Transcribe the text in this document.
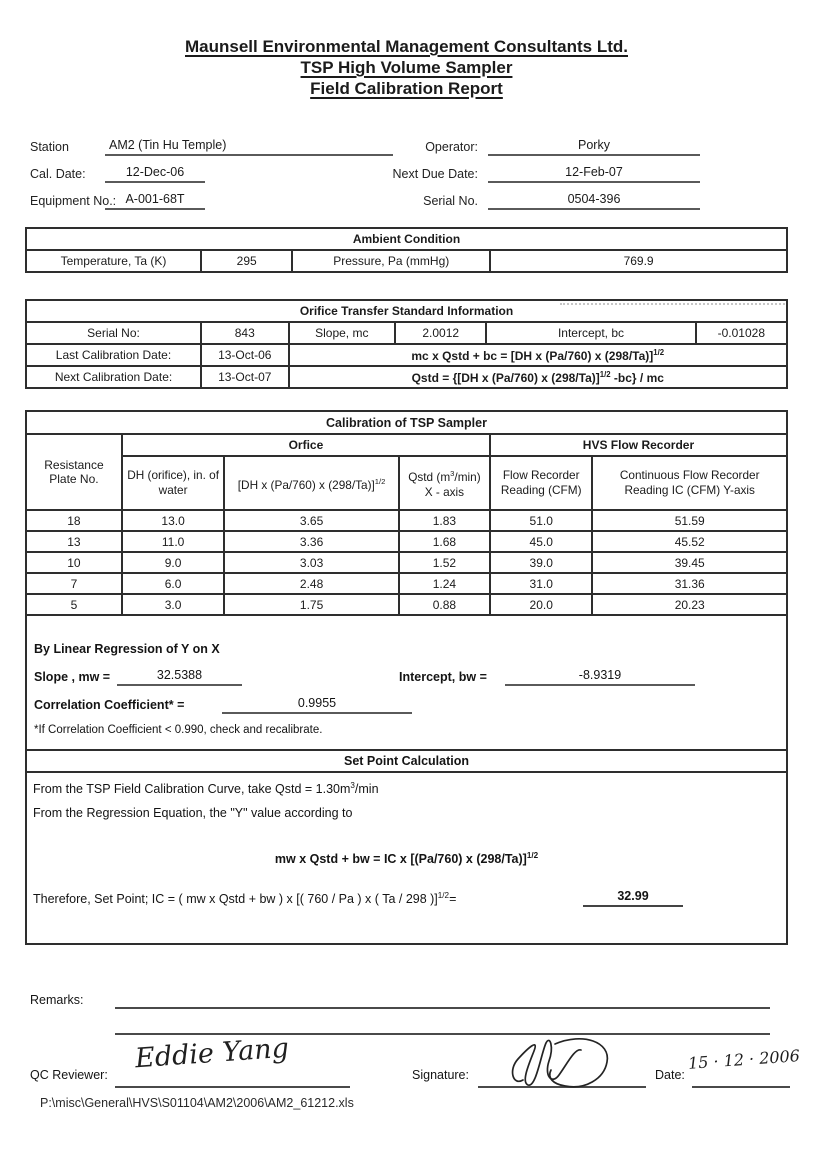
Maunsell Environmental Management Consultants Ltd.
TSP High Volume Sampler
Field Calibration Report
Station	AM2 (Tin Hu Temple)	Operator:	Porky
Cal. Date:	12-Dec-06	Next Due Date:	12-Feb-07
Equipment No.: A-001-68T	Serial No.	0504-396
Ambient Condition
Temperature, Ta (K)	295	Pressure, Pa (mmHg)	769.9
Orifice Transfer Standard Information					
Serial No:	843	Slope, mc	2.0012	Intercept, bc	-0.01028
Last Calibration Date:	13-Oct-06	mc x Qstd + bc = [DH x (Pa/760) x (298/Ta)]$^{1/2}$
Next Calibration Date:	13-Oct-07	Qstd = {[DH x (Pa/760) x (298/Ta)]$^{1/2}$ -bc} / mc			
Calibration of TSP Sampler					
Resistance Plate No.	Orfice			HVS Flow Recorder	
	DH (orifice), in. of water	[DH x (Pa/760) x (298/Ta)]$^{1/2}$	Qstd $(m^3/\min)$ X - axis	Flow Recorder Reading (CFM)	Continuous Flow Recorder Reading IC (CFM) Y-axis
18	13.0	3.65	1.83	51.0	51.59
13	11.0	3.36	1.68	45.0	45.52
10	9.0	3.03	1.52	39.0	39.45
7	6.0	2.48	1.24	31.0	31.36
5	3.0	1.75	0.88	20.0	20.23
By Linear Regression of Y on X
Slope , mw =	32.5388	Intercept, bw =	-8.9319
Correlation Coefficient* =	0.9955
*If Correlation Coefficient < 0.990, check and recalibrate.
Set Point Calculation
From the TSP Field Calibration Curve, take Qstd = $1.30m^3/\min$
From the Regression Equation, the "Y" value according to
mw x Qstd + bw = IC x [(Pa/760) x (298/Ta)]$^{1/2}$
Therefore, Set Point; IC = ( mw x Qstd + bw ) x [( 760 / Pa ) x ( Ta / 298 )]$^{1/2}$=	32.99
Remarks:
QC Reviewer:
Eddie Yang
Signature:	Date:
15 · 12 · 2006
P:\misc\General\HVS\S01104\AM2\2006\AM2_61212.xls
